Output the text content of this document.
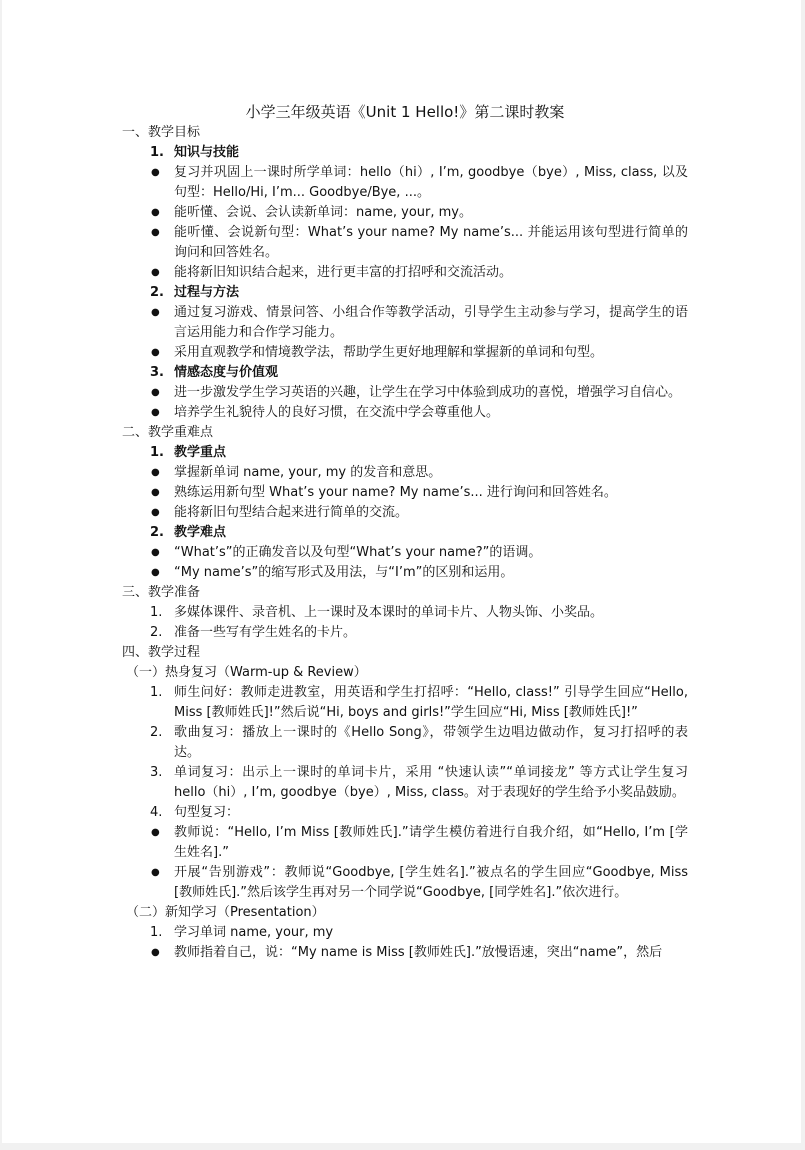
小学三年级英语《Unit 1 Hello!》第二课时教案
一、教学目标
1. 知识与技能
● 复习并巩固上一课时所学单词：hello（hi）, I’m, goodbye（bye）, Miss, class, 以及句型：Hello/Hi, I’m... Goodbye/Bye, ...。
● 能听懂、会说、会认读新单词：name, your, my。
● 能听懂、会说新句型：What’s your name? My name’s... 并能运用该句型进行简单的询问和回答姓名。
● 能将新旧知识结合起来，进行更丰富的打招呼和交流活动。
2. 过程与方法
● 通过复习游戏、情景问答、小组合作等教学活动，引导学生主动参与学习，提高学生的语言运用能力和合作学习能力。
● 采用直观教学和情境教学法，帮助学生更好地理解和掌握新的单词和句型。
3. 情感态度与价值观
● 进一步激发学生学习英语的兴趣，让学生在学习中体验到成功的喜悦，增强学习自信心。
● 培养学生礼貌待人的良好习惯，在交流中学会尊重他人。
二、教学重难点
1. 教学重点
● 掌握新单词 name, your, my 的发音和意思。
● 熟练运用新句型 What’s your name? My name’s... 进行询问和回答姓名。
● 能将新旧句型结合起来进行简单的交流。
2. 教学难点
● “What’s”的正确发音以及句型“What’s your name?”的语调。
● “My name’s”的缩写形式及用法，与“I’m”的区别和运用。
三、教学准备
1. 多媒体课件、录音机、上一课时及本课时的单词卡片、人物头饰、小奖品。
2. 准备一些写有学生姓名的卡片。
四、教学过程
（一）热身复习（Warm-up & Review）
1. 师生问好：教师走进教室，用英语和学生打招呼：“Hello, class!” 引导学生回应“Hello, Miss [教师姓氏]!”然后说“Hi, boys and girls!”学生回应“Hi, Miss [教师姓氏]!”
2. 歌曲复习：播放上一课时的《Hello Song》，带领学生边唱边做动作，复习打招呼的表达。
3. 单词复习：出示上一课时的单词卡片，采用 “快速认读”“单词接龙” 等方式让学生复习 hello（hi）, I’m, goodbye（bye）, Miss, class。对于表现好的学生给予小奖品鼓励。
4. 句型复习：
● 教师说：“Hello, I’m Miss [教师姓氏].”请学生模仿着进行自我介绍，如“Hello, I’m [学生姓名].”
● 开展“告别游戏”：教师说“Goodbye, [学生姓名].”被点名的学生回应“Goodbye, Miss [教师姓氏].”然后该学生再对另一个同学说“Goodbye, [同学姓名].”依次进行。
（二）新知学习（Presentation）
1. 学习单词 name, your, my
● 教师指着自己，说：“My name is Miss [教师姓氏].”放慢语速，突出“name”，然后
